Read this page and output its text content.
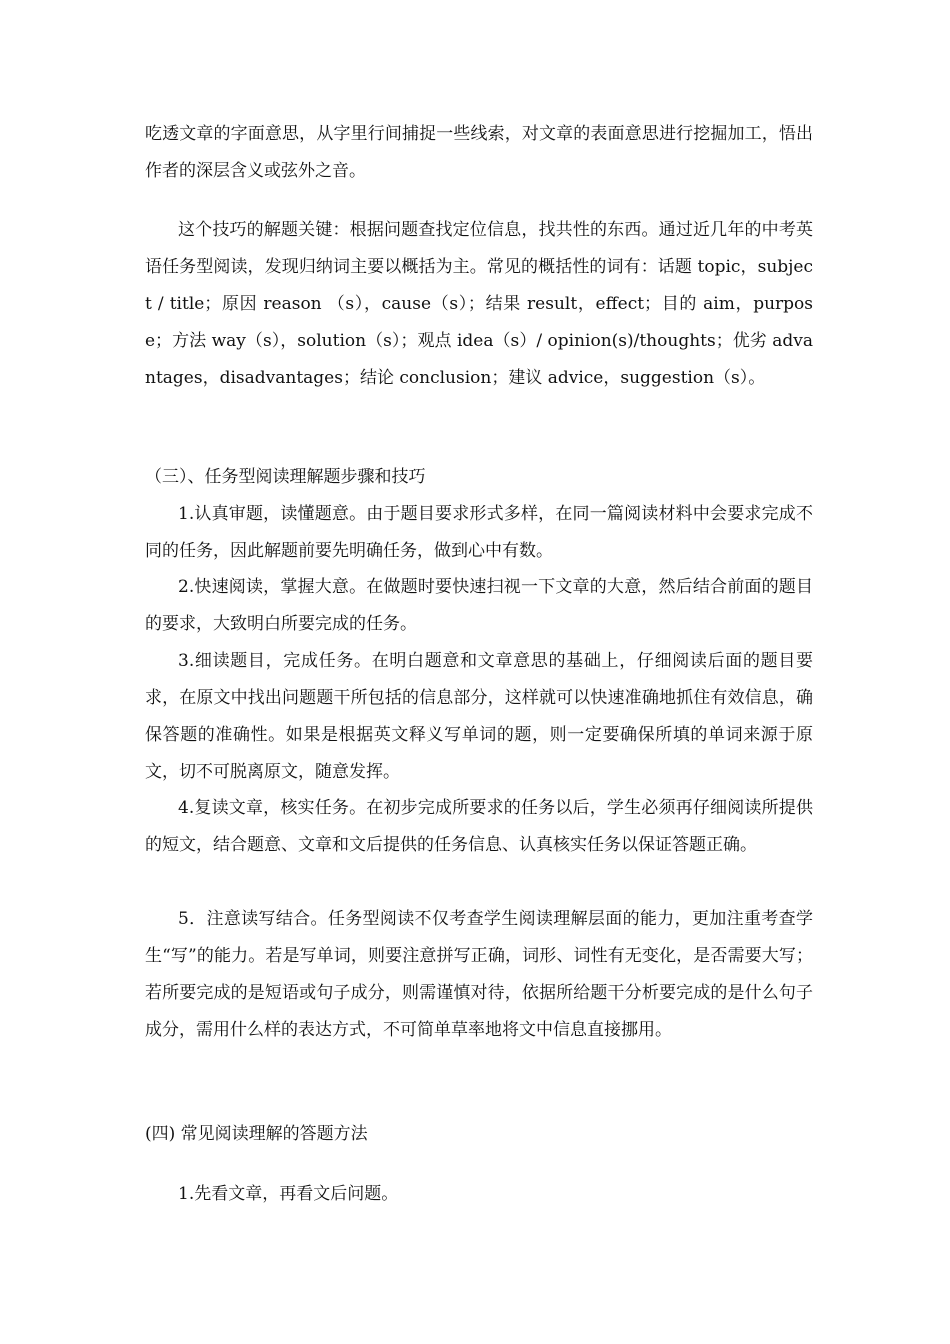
吃透文章的字面意思，从字里行间捕捉一些线索，对文章的表面意思进行挖掘加工，悟出作者的深层含义或弦外之音。

这个技巧的解题关键：根据问题查找定位信息，找共性的东西。通过近几年的中考英语任务型阅读，发现归纳词主要以概括为主。常见的概括性的词有：话题 topic，subject / title；原因 reason （s），cause（s）；结果 result，effect；目的 aim，purpose；方法 way（s），solution（s）；观点 idea（s）/ opinion(s)/thoughts；优劣 advantages，disadvantages；结论 conclusion；建议 advice，suggestion（s）。

（三）、任务型阅读理解题步骤和技巧

1.认真审题，读懂题意。由于题目要求形式多样，在同一篇阅读材料中会要求完成不同的任务，因此解题前要先明确任务，做到心中有数。

2.快速阅读，掌握大意。在做题时要快速扫视一下文章的大意，然后结合前面的题目的要求，大致明白所要完成的任务。

3.细读题目，完成任务。在明白题意和文章意思的基础上，仔细阅读后面的题目要求，在原文中找出问题题干所包括的信息部分，这样就可以快速准确地抓住有效信息，确保答题的准确性。如果是根据英文释义写单词的题，则一定要确保所填的单词来源于原文，切不可脱离原文，随意发挥。

4.复读文章，核实任务。在初步完成所要求的任务以后，学生必须再仔细阅读所提供的短文，结合题意、文章和文后提供的任务信息、认真核实任务以保证答题正确。

5．注意读写结合。任务型阅读不仅考查学生阅读理解层面的能力，更加注重考查学生“写”的能力。若是写单词，则要注意拼写正确，词形、词性有无变化，是否需要大写；若所要完成的是短语或句子成分，则需谨慎对待，依据所给题干分析要完成的是什么句子成分，需用什么样的表达方式，不可简单草率地将文中信息直接挪用。

(四) 常见阅读理解的答题方法

1.先看文章，再看文后问题。
